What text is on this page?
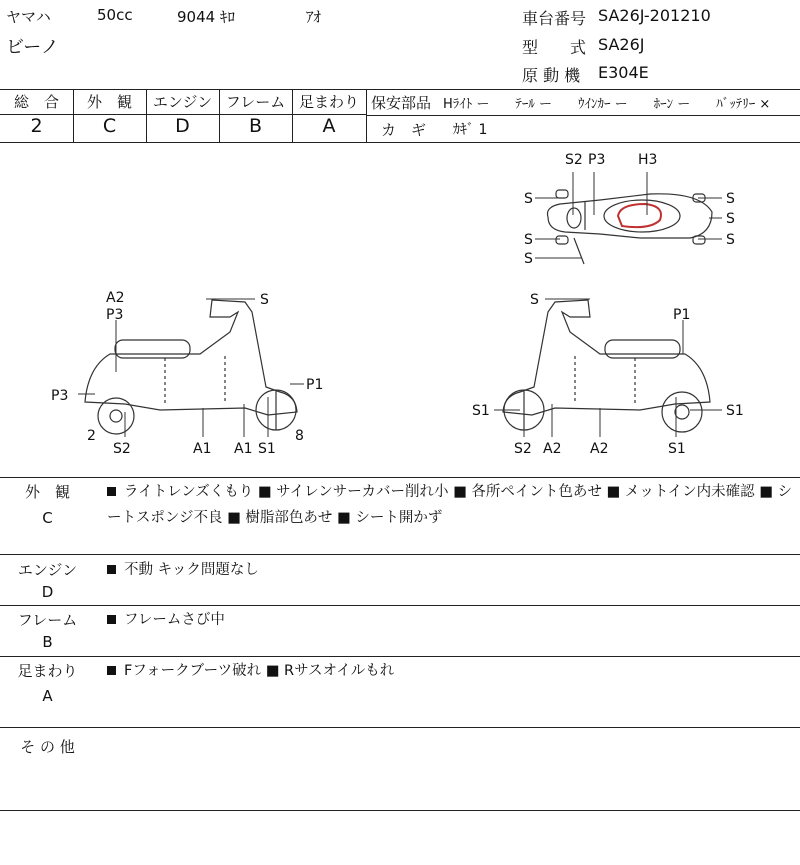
ヤマハ	50cc	9044 ｷﾛ	ｱｵ
ビーノ
車台番号 SA26J-201210
型　　式 SA26J
原 動 機 E304E
総　合
2
外　観
C
エンジン
D
フレーム
B
足まわり
A
保安部品 Hﾗｲﾄ ー　　ﾃｰﾙ ー　　ｳｲﾝｶｰ ー　　ﾎｰﾝ ー　　ﾊﾞｯﾃﾘｰ ×
カ　ギ ｶｷﾞ 1
S2 P3 H3
S
S
S
S
S
S
A2
P3
S
P3
P1
2
S2	A1 A1 S1
8
S
P1
S1	S1
S2 A2 A2	S1
外　観
C
ライトレンズくもり ■ サイレンサーカバー削れ小 ■ 各所ペイント色あせ ■ メットイン内未確認 ■ シートスポンジ不良 ■ 樹脂部色あせ ■ シート開かず
エンジン
D
不動 キック問題なし
フレーム
B
フレームさび中
足まわり
A
Fフォークブーツ破れ ■ Rサスオイルもれ
そ の 他
